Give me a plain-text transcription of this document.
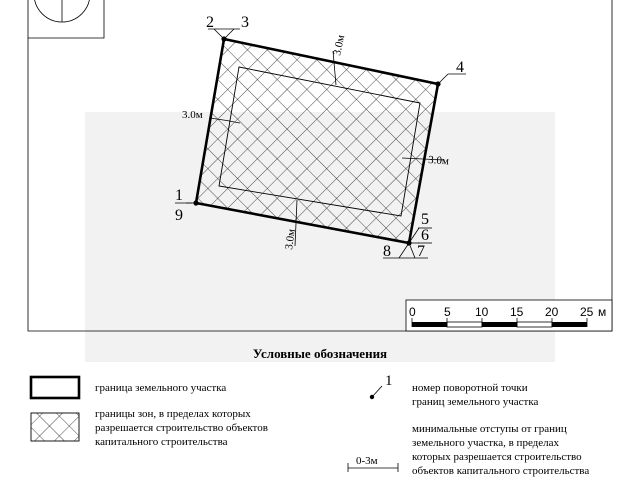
2 3
4
1
9	5
6
8 7
3.0м
3.0м
3.0м
3.0м
0 5 10 15 20 25 м
Условные обозначения
граница земельного участка
границы зон, в пределах которых
разрешается строительство объектов
капитального строительства
1 номер поворотной точки
границ земельного участка
0-3м
минимальные отступы от границ
земельного участка, в пределах
которых разрешается строительство
объектов капитального строительства
